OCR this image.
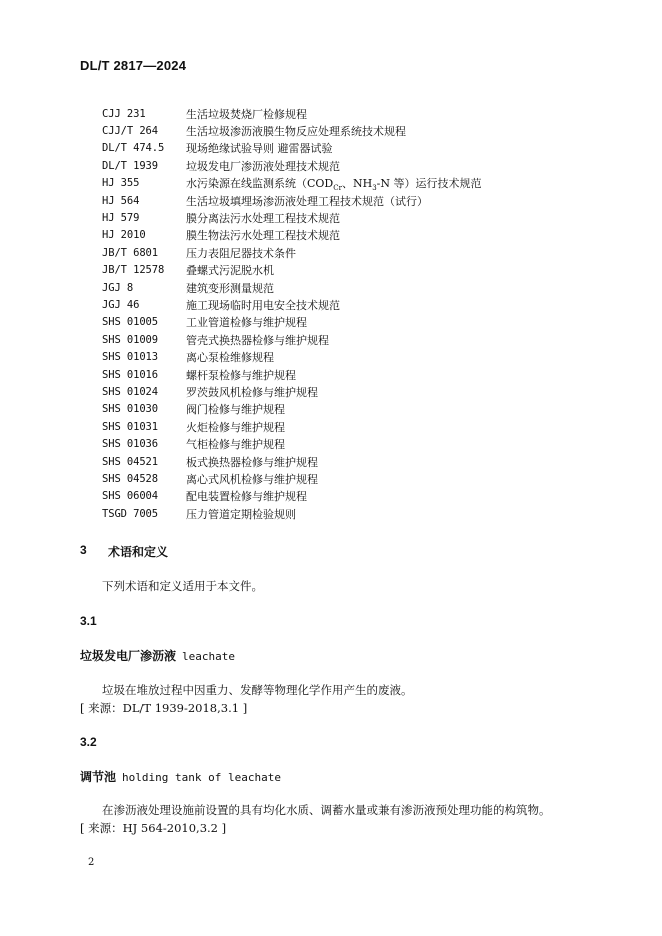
DL/T 2817—2024
CJJ 231	生活垃圾焚烧厂检修规程
CJJ/T 264	生活垃圾渗沥液膜生物反应处理系统技术规程
DL/T 474.5	现场绝缘试验导则 避雷器试验
DL/T 1939	垃圾发电厂渗沥液处理技术规范
HJ 355	水污染源在线监测系统（$COD_{Cr}$、$NH_3-N$ 等）运行技术规范
HJ 564	生活垃圾填埋场渗沥液处理工程技术规范（试行）
HJ 579	膜分离法污水处理工程技术规范
HJ 2010	膜生物法污水处理工程技术规范
JB/T 6801	压力表阻尼器技术条件
JB/T 12578	叠螺式污泥脱水机
JGJ 8	建筑变形测量规范
JGJ 46	施工现场临时用电安全技术规范
SHS 01005	工业管道检修与维护规程
SHS 01009	管壳式换热器检修与维护规程
SHS 01013	离心泵检维修规程
SHS 01016	螺杆泵检修与维护规程
SHS 01024	罗茨鼓风机检修与维护规程
SHS 01030	阀门检修与维护规程
SHS 01031	火炬检修与维护规程
SHS 01036	气柜检修与维护规程
SHS 04521	板式换热器检修与维护规程
SHS 04528	离心式风机检修与维护规程
SHS 06004	配电装置检修与维护规程
TSGD 7005	压力管道定期检验规则
3 术语和定义
下列术语和定义适用于本文件。
3.1
垃圾发电厂渗沥液 leachate
垃圾在堆放过程中因重力、发酵等物理化学作用产生的废液。
[ 来源：DL/T 1939-2018,3.1 ]
3.2
调节池 holding tank of leachate
在渗沥液处理设施前设置的具有均化水质、调蓄水量或兼有渗沥液预处理功能的构筑物。
[ 来源：HJ 564-2010,3.2 ]
2
